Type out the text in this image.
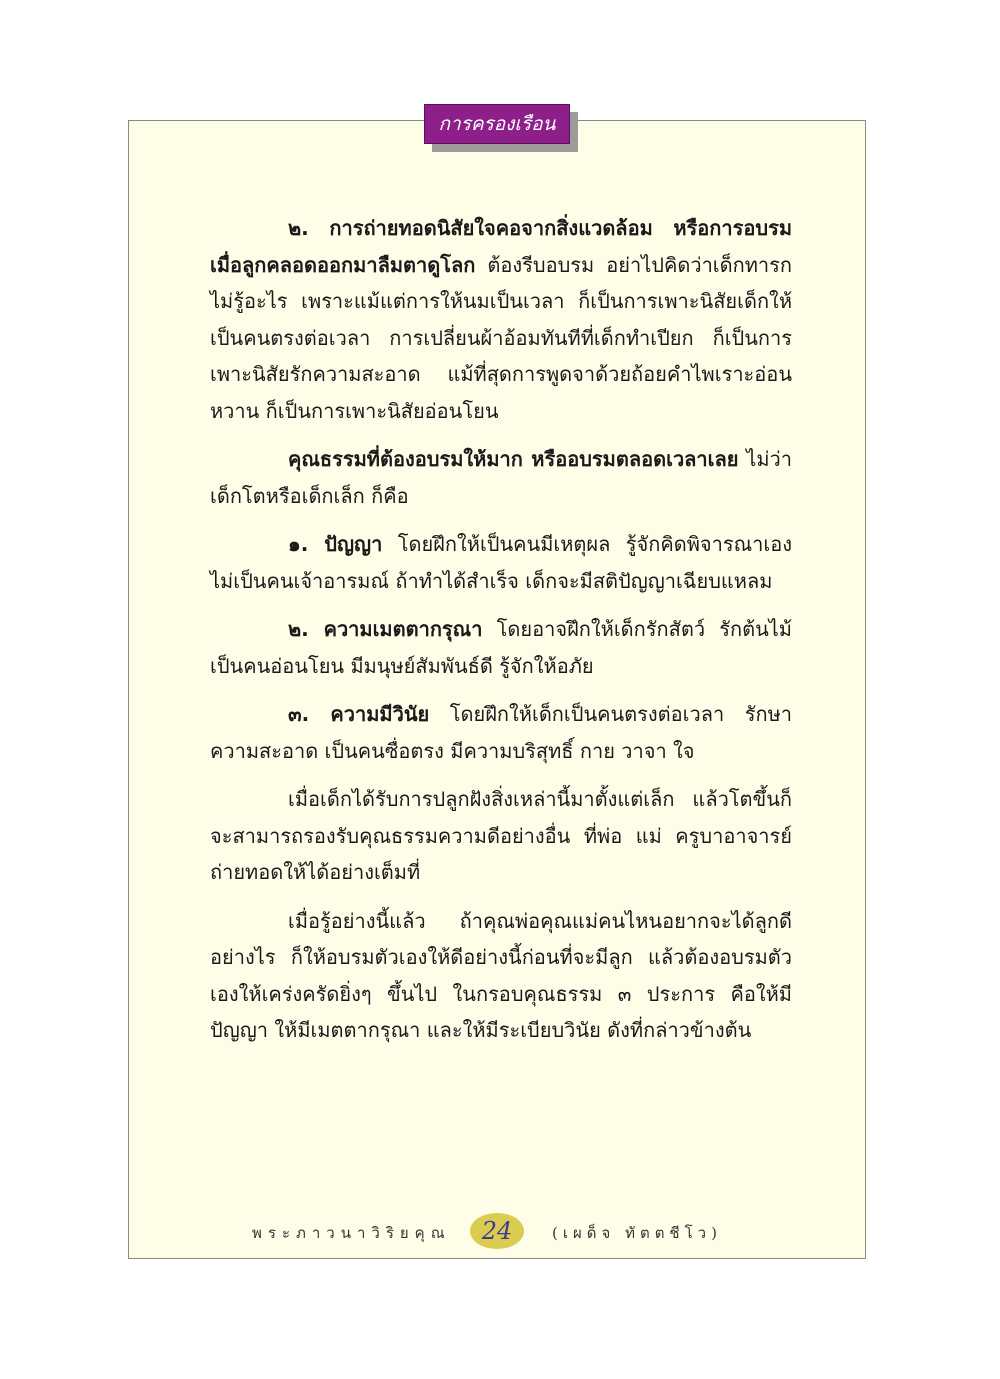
การครองเรือน

๒. การถ่ายทอดนิสัยใจคอจากสิ่งแวดล้อม หรือการอบรมเมื่อลูกคลอดออกมาลืมตาดูโลก ต้องรีบอบรม อย่าไปคิดว่าเด็กทารกไม่รู้อะไร เพราะแม้แต่การให้นมเป็นเวลา ก็เป็นการเพาะนิสัยเด็กให้เป็นคนตรงต่อเวลา การเปลี่ยนผ้าอ้อมทันทีที่เด็กทำเปียก ก็เป็นการเพาะนิสัยรักความสะอาด แม้ที่สุดการพูดจาด้วยถ้อยคำไพเราะอ่อน หวาน ก็เป็นการเพาะนิสัยอ่อนโยน

คุณธรรมที่ต้องอบรมให้มาก หรืออบรมตลอดเวลาเลย ไม่ว่าเด็กโตหรือเด็กเล็ก ก็คือ

๑. ปัญญา โดยฝึกให้เป็นคนมีเหตุผล รู้จักคิดพิจารณาเอง ไม่เป็นคนเจ้าอารมณ์ ถ้าทำได้สำเร็จ เด็กจะมีสติปัญญาเฉียบแหลม

๒. ความเมตตากรุณา โดยอาจฝึกให้เด็กรักสัตว์ รักต้นไม้ เป็นคนอ่อนโยน มีมนุษย์สัมพันธ์ดี รู้จักให้อภัย

๓. ความมีวินัย โดยฝึกให้เด็กเป็นคนตรงต่อเวลา รักษาความสะอาด เป็นคนซื่อตรง มีความบริสุทธิ์ กาย วาจา ใจ

เมื่อเด็กได้รับการปลูกฝังสิ่งเหล่านี้มาตั้งแต่เล็ก แล้วโตขึ้นก็จะสามารถรองรับคุณธรรมความดีอย่างอื่น ที่พ่อ แม่ ครูบาอาจารย์ถ่ายทอดให้ได้อย่างเต็มที่

เมื่อรู้อย่างนี้แล้ว ถ้าคุณพ่อคุณแม่คนไหนอยากจะได้ลูกดีอย่างไร ก็ให้อบรมตัวเองให้ดีอย่างนี้ก่อนที่จะมีลูก แล้วต้องอบรมตัวเองให้เคร่งครัดยิ่งๆ ขึ้นไป ในกรอบคุณธรรม ๓ ประการ คือให้มีปัญญา ให้มีเมตตากรุณา และให้มีระเบียบวินัย ดังที่กล่าวข้างต้น

พระภาวนาวิริยคุณ	24	(เผด็จ ทัตตชีโว)
